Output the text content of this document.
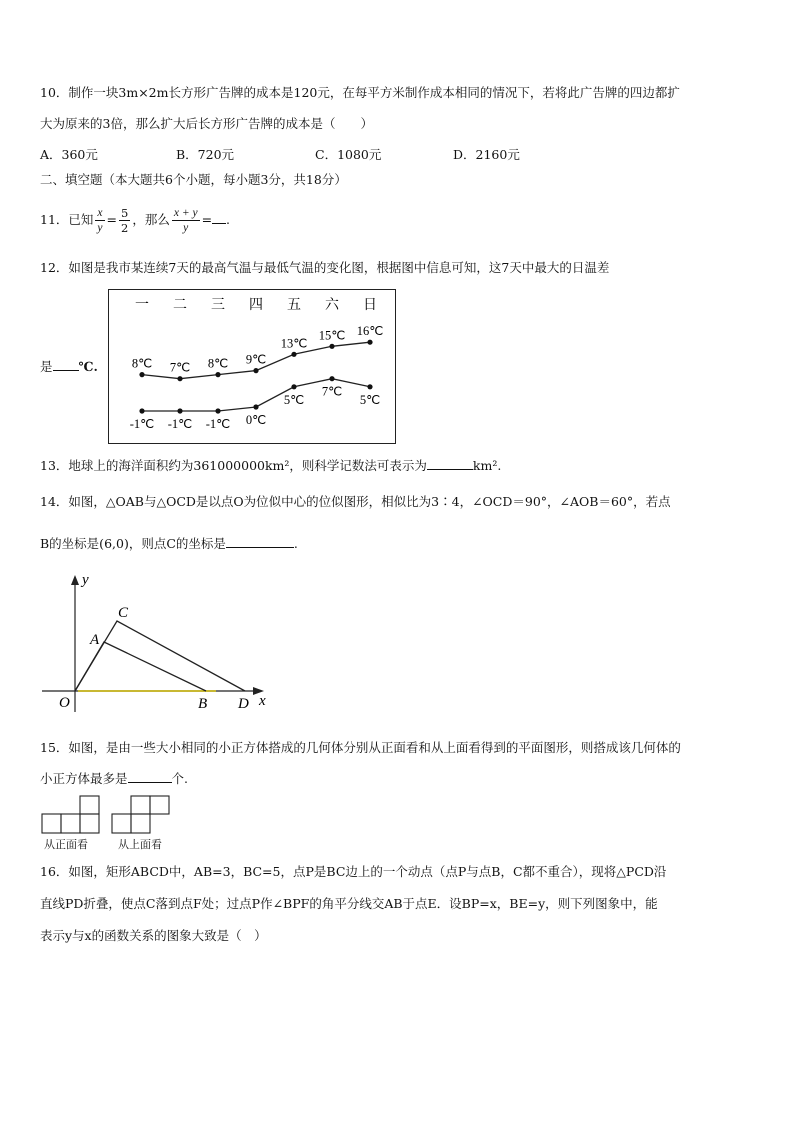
10．制作一块3m×2m长方形广告牌的成本是120元，在每平方米制作成本相同的情况下，若将此广告牌的四边都扩
大为原来的3倍，那么扩大后长方形广告牌的成本是（　　）
A．360元	B．720元	C．1080元	D．2160元
二、填空题（本大题共6个小题，每小题3分，共18分）
11．已知 $\frac{x}{y} = \frac{5}{2}$ ，那么 $\frac{x + y}{y}$ = .
12．如图是我市某连续7天的最高气温与最低气温的变化图，根据图中信息可知，这7天中最大的日温差
是 ℃.
一 二 三 四 五 六 日
8℃ 7℃ 8℃ 9℃
13℃
15℃ 16℃
-1℃ -1℃ -1℃ 0℃
5℃
7℃
5℃
13．地球上的海洋面积约为361000000km²，则科学记数法可表示为	km².
14．如图，△OAB与△OCD是以点O为位似中心的位似图形，相似比为3∶4，∠OCD＝90°，∠AOB＝60°，若点
B的坐标是(6,0)，则点C的坐标是	.
y
x
O
A
C
B D
15．如图，是由一些大小相同的小正方体搭成的几何体分别从正面看和从上面看得到的平面图形，则搭成该几何体的
小正方体最多是	个.
从正面看	从上面看
16．如图，矩形ABCD中，AB=3，BC=5，点P是BC边上的一个动点（点P与点B，C都不重合），现将△PCD沿
直线PD折叠，使点C落到点F处；过点P作∠BPF的角平分线交AB于点E．设BP=x，BE=y，则下列图象中，能
表示y与x的函数关系的图象大致是（　）
